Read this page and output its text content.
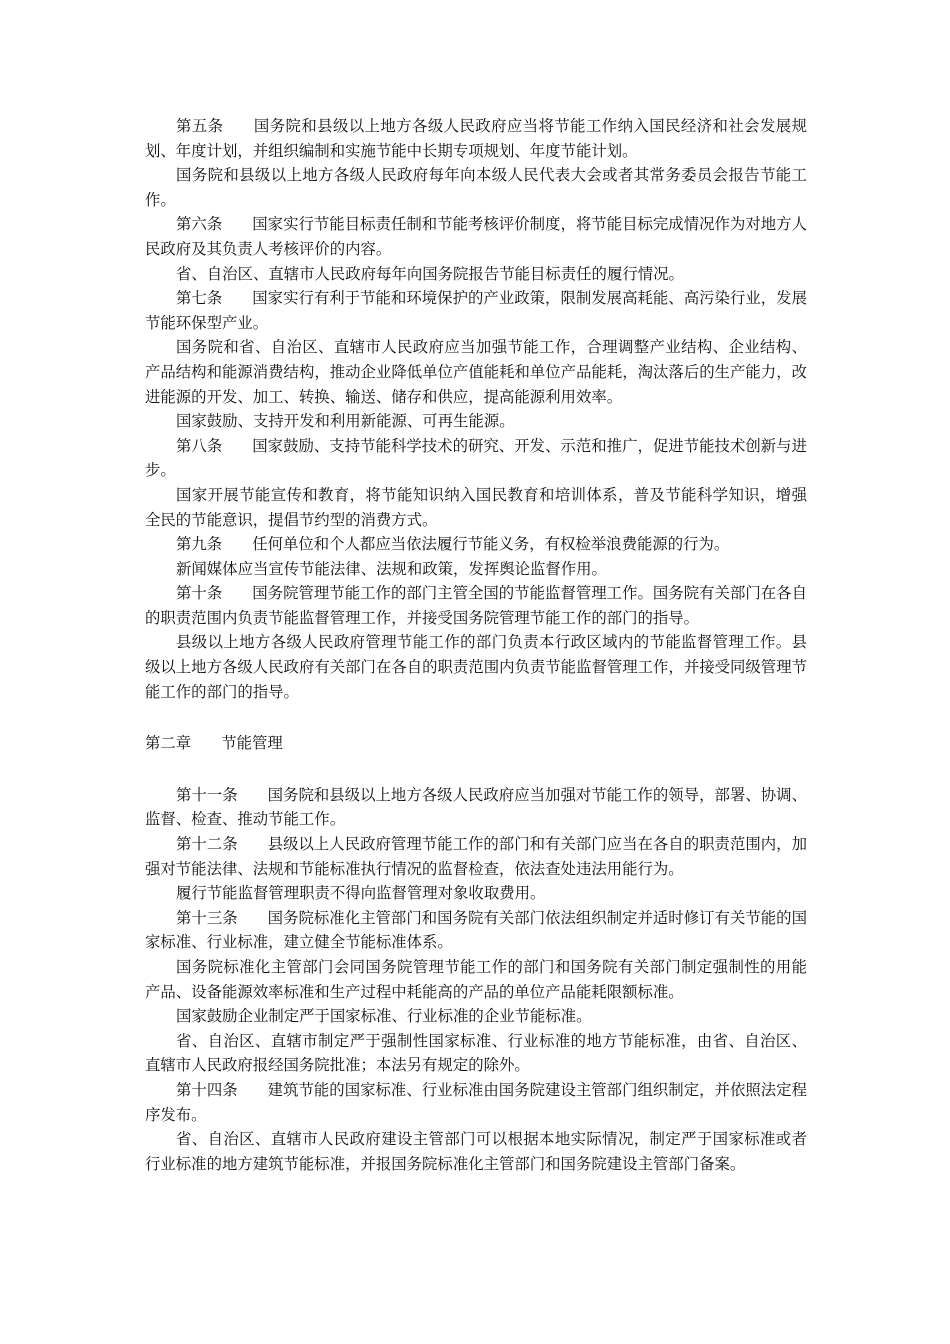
第五条 国务院和县级以上地方各级人民政府应当将节能工作纳入国民经济和社会发展规划、年度计划，并组织编制和实施节能中长期专项规划、年度节能计划。

国务院和县级以上地方各级人民政府每年向本级人民代表大会或者其常务委员会报告节能工作。

第六条 国家实行节能目标责任制和节能考核评价制度，将节能目标完成情况作为对地方人民政府及其负责人考核评价的内容。

省、自治区、直辖市人民政府每年向国务院报告节能目标责任的履行情况。

第七条 国家实行有利于节能和环境保护的产业政策，限制发展高耗能、高污染行业，发展节能环保型产业。

国务院和省、自治区、直辖市人民政府应当加强节能工作，合理调整产业结构、企业结构、产品结构和能源消费结构，推动企业降低单位产值能耗和单位产品能耗，淘汰落后的生产能力，改进能源的开发、加工、转换、输送、储存和供应，提高能源利用效率。

国家鼓励、支持开发和利用新能源、可再生能源。

第八条 国家鼓励、支持节能科学技术的研究、开发、示范和推广，促进节能技术创新与进步。

国家开展节能宣传和教育，将节能知识纳入国民教育和培训体系，普及节能科学知识，增强全民的节能意识，提倡节约型的消费方式。

第九条 任何单位和个人都应当依法履行节能义务，有权检举浪费能源的行为。

新闻媒体应当宣传节能法律、法规和政策，发挥舆论监督作用。

第十条 国务院管理节能工作的部门主管全国的节能监督管理工作。国务院有关部门在各自的职责范围内负责节能监督管理工作，并接受国务院管理节能工作的部门的指导。

县级以上地方各级人民政府管理节能工作的部门负责本行政区域内的节能监督管理工作。县级以上地方各级人民政府有关部门在各自的职责范围内负责节能监督管理工作，并接受同级管理节能工作的部门的指导。

第二章 节能管理

第十一条 国务院和县级以上地方各级人民政府应当加强对节能工作的领导，部署、协调、监督、检查、推动节能工作。

第十二条 县级以上人民政府管理节能工作的部门和有关部门应当在各自的职责范围内，加强对节能法律、法规和节能标准执行情况的监督检查，依法查处违法用能行为。

履行节能监督管理职责不得向监督管理对象收取费用。

第十三条 国务院标准化主管部门和国务院有关部门依法组织制定并适时修订有关节能的国家标准、行业标准，建立健全节能标准体系。

国务院标准化主管部门会同国务院管理节能工作的部门和国务院有关部门制定强制性的用能产品、设备能源效率标准和生产过程中耗能高的产品的单位产品能耗限额标准。

国家鼓励企业制定严于国家标准、行业标准的企业节能标准。

省、自治区、直辖市制定严于强制性国家标准、行业标准的地方节能标准，由省、自治区、直辖市人民政府报经国务院批准；本法另有规定的除外。

第十四条 建筑节能的国家标准、行业标准由国务院建设主管部门组织制定，并依照法定程序发布。

省、自治区、直辖市人民政府建设主管部门可以根据本地实际情况，制定严于国家标准或者行业标准的地方建筑节能标准，并报国务院标准化主管部门和国务院建设主管部门备案。
